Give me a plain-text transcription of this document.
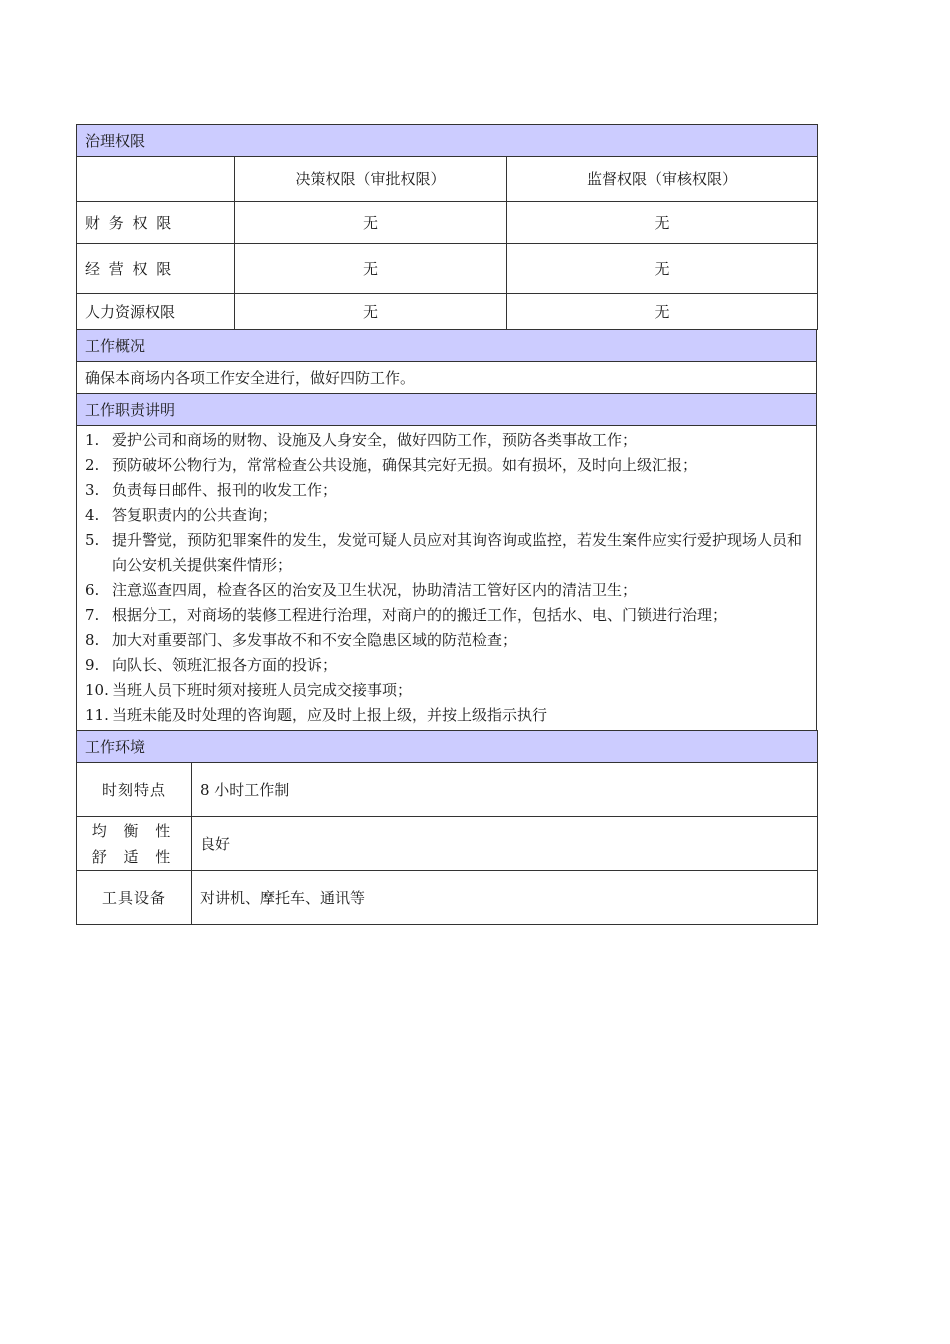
治理权限		
	决策权限（审批权限）	监督权限（审核权限）
财 务 权 限	无	无
经 营 权 限	无	无
人力资源权限	无	无
工作概况
确保本商场内各项工作安全进行，做好四防工作。
工作职责讲明

1. 爱护公司和商场的财物、设施及人身安全，做好四防工作，预防各类事故工作；
2. 预防破坏公物行为，常常检查公共设施，确保其完好无损。如有损坏，及时向上级汇报；
3. 负责每日邮件、报刊的收发工作；
4. 答复职责内的公共查询；
5. 提升警觉，预防犯罪案件的发生，发觉可疑人员应对其询咨询或监控，若发生案件应实行爱护现场人员和向公安机关提供案件情形；
6. 注意巡查四周，检查各区的治安及卫生状况，协助清洁工管好区内的清洁卫生；
7. 根据分工，对商场的装修工程进行治理，对商户的的搬迁工作，包括水、电、门锁进行治理；
8. 加大对重要部门、多发事故不和不安全隐患区域的防范检查；
9. 向队长、领班汇报各方面的投诉；
10. 当班人员下班时须对接班人员完成交接事项；
11. 当班未能及时处理的咨询题，应及时上报上级，并按上级指示执行
工作环境	

时刻特点	8 小时工作制

均 衡 性
舒 适 性	良好

工具设备	对讲机、摩托车、通讯等
